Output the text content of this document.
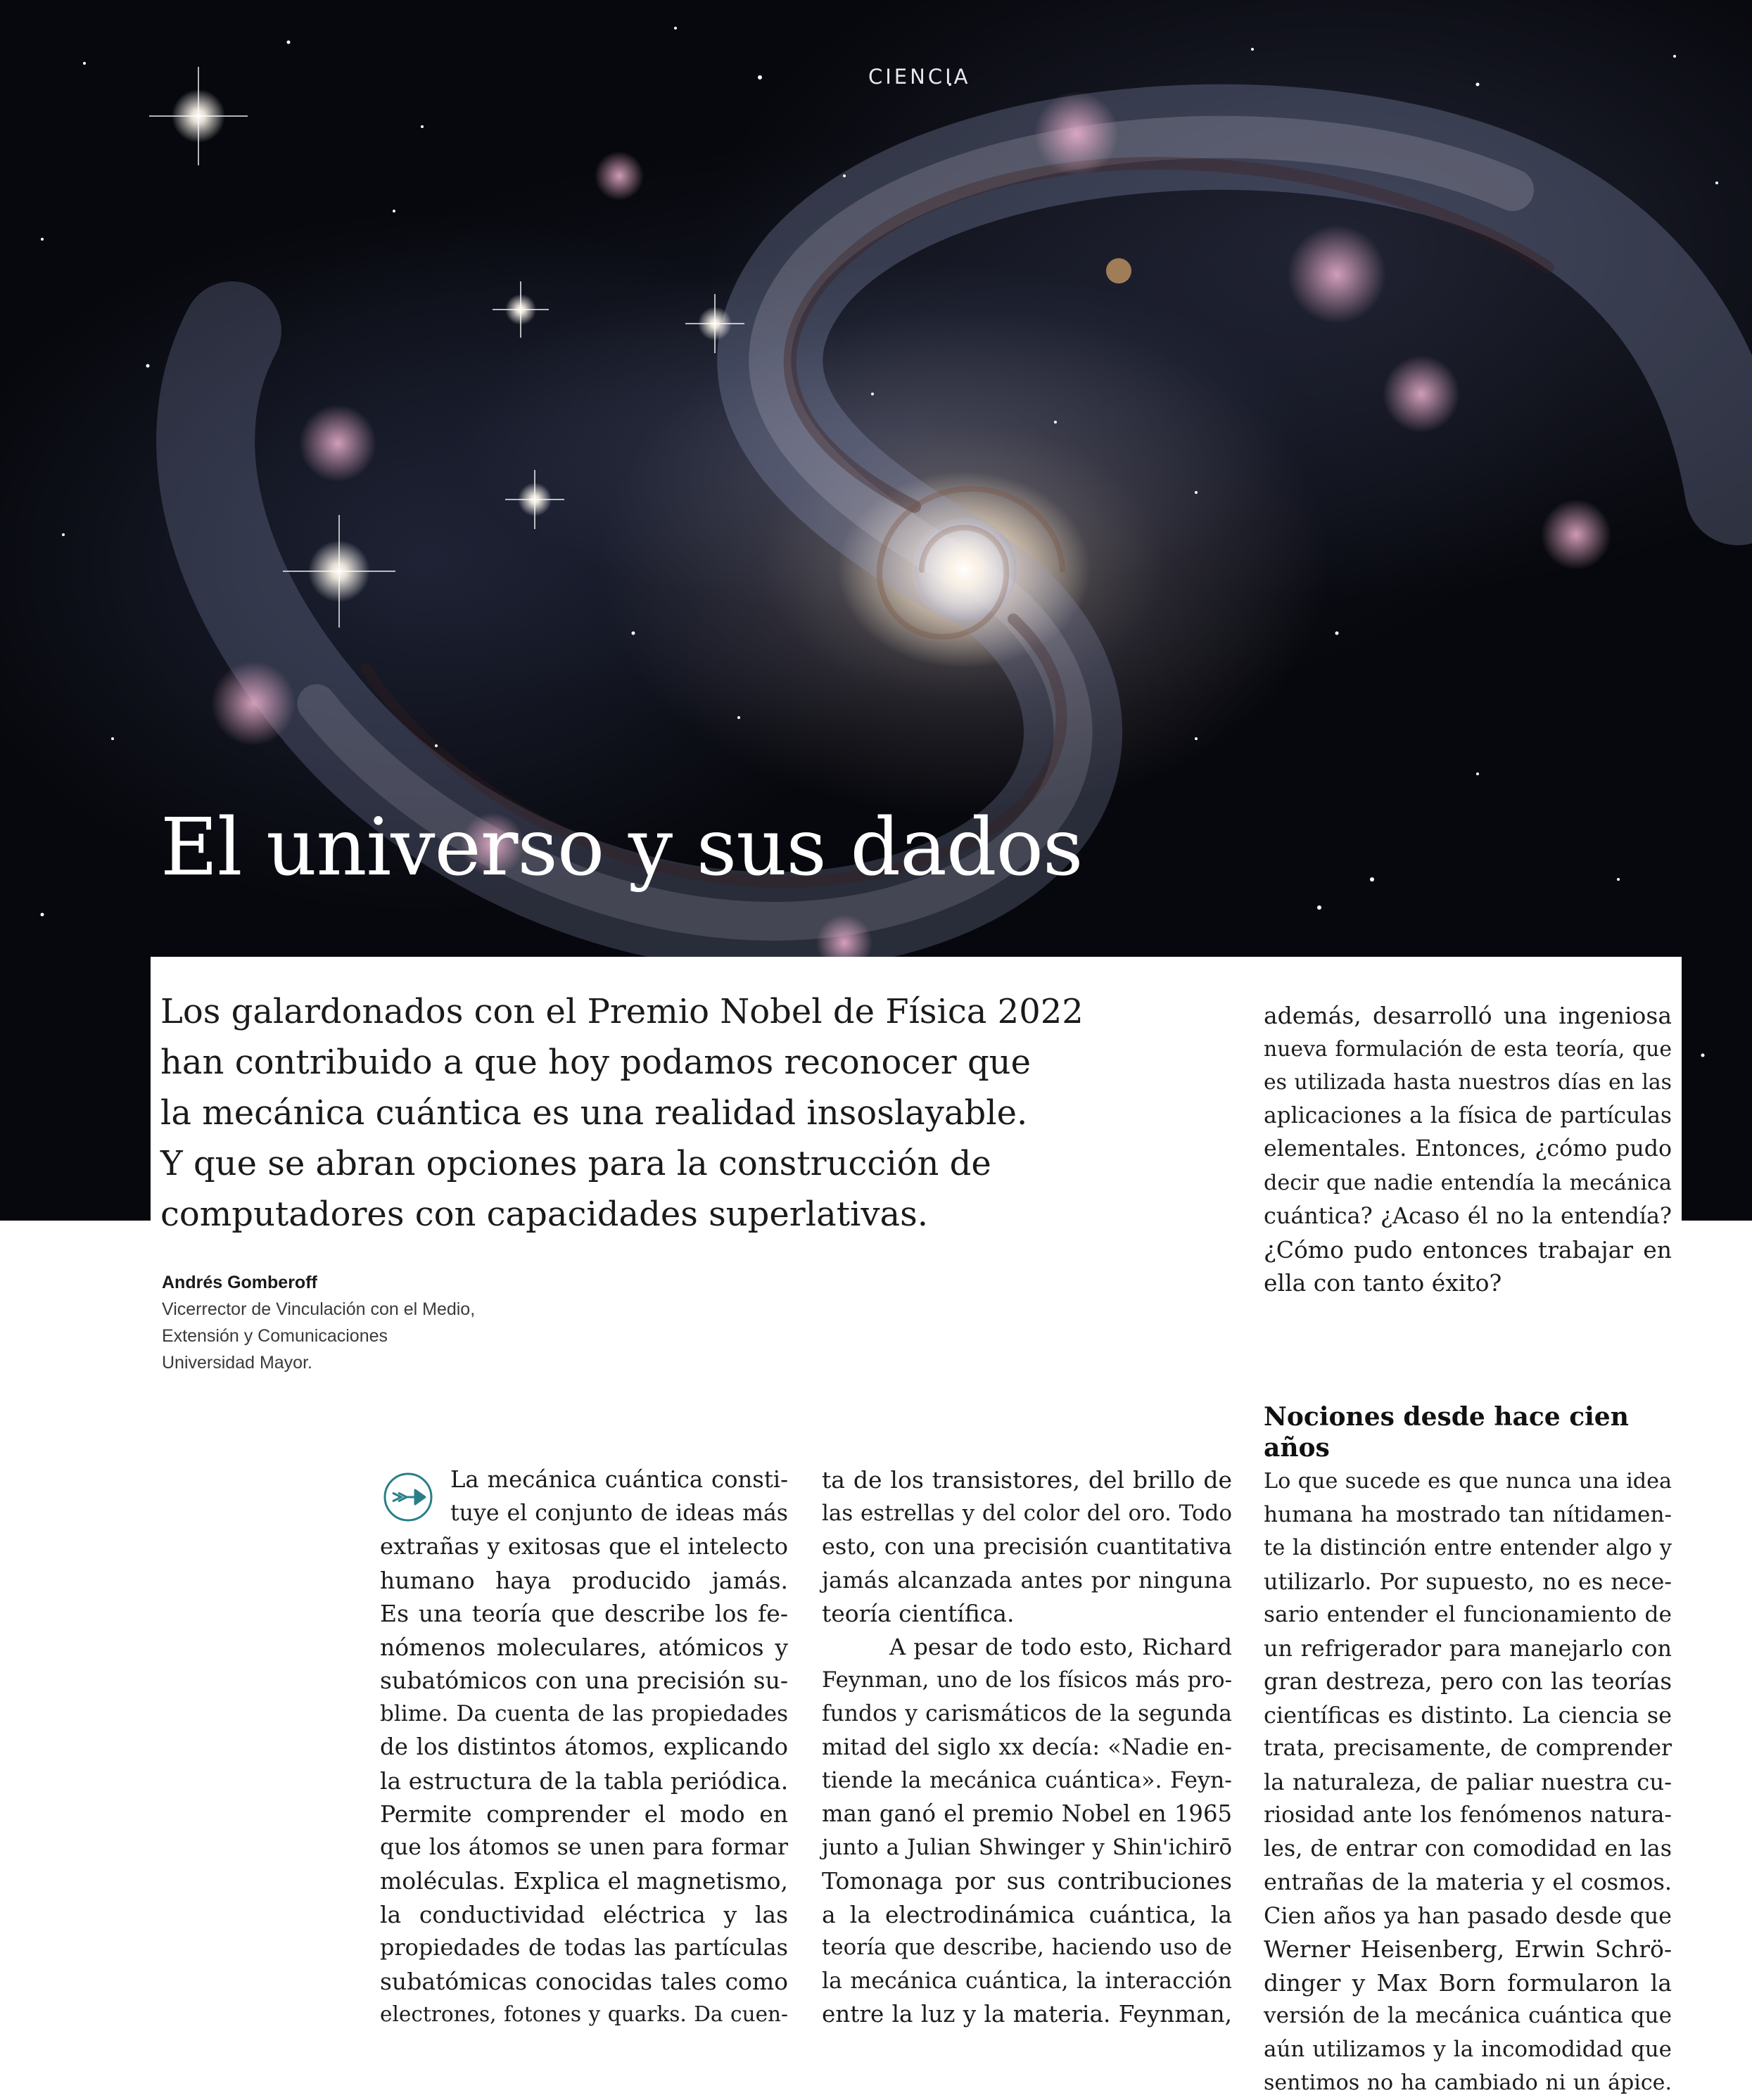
CIENCIA
El universo y sus dados
Los galardonados con el Premio Nobel de Física 2022
han contribuido a que hoy podamos reconocer que
la mecánica cuántica es una realidad insoslayable.
Y que se abran opciones para la construcción de
computadores con capacidades superlativas.
Andrés Gomberoff
Vicerrector de Vinculación con el Medio,
Extensión y Comunicaciones
Universidad Mayor.
La mecánica cuántica consti-
tuye el conjunto de ideas más
extrañas y exitosas que el intelecto
humano haya producido jamás.
Es una teoría que describe los fe-
nómenos moleculares, atómicos y
subatómicos con una precisión su-
blime. Da cuenta de las propiedades
de los distintos átomos, explicando
la estructura de la tabla periódica.
Permite comprender el modo en
que los átomos se unen para formar
moléculas. Explica el magnetismo,
la conductividad eléctrica y las
propiedades de todas las partículas
subatómicas conocidas tales como
electrones, fotones y quarks. Da cuen-
ta de los transistores, del brillo de
las estrellas y del color del oro. Todo
esto, con una precisión cuantitativa
jamás alcanzada antes por ninguna
teoría científica.
A pesar de todo esto, Richard
Feynman, uno de los físicos más pro-
fundos y carismáticos de la segunda
mitad del siglo xx decía: «Nadie en-
tiende la mecánica cuántica». Feyn-
man ganó el premio Nobel en 1965
junto a Julian Shwinger y Shin'ichirō
Tomonaga por sus contribuciones
a la electrodinámica cuántica, la
teoría que describe, haciendo uso de
la mecánica cuántica, la interacción
entre la luz y la materia. Feynman,
además, desarrolló una ingeniosa
nueva formulación de esta teoría, que
es utilizada hasta nuestros días en las
aplicaciones a la física de partículas
elementales. Entonces, ¿cómo pudo
decir que nadie entendía la mecánica
cuántica? ¿Acaso él no la entendía?
¿Cómo pudo entonces trabajar en
ella con tanto éxito?
Nociones desde hace cien años
Lo que sucede es que nunca una idea
humana ha mostrado tan nítidamen-
te la distinción entre entender algo y
utilizarlo. Por supuesto, no es nece-
sario entender el funcionamiento de
un refrigerador para manejarlo con
gran destreza, pero con las teorías
científicas es distinto. La ciencia se
trata, precisamente, de comprender
la naturaleza, de paliar nuestra cu-
riosidad ante los fenómenos natura-
les, de entrar con comodidad en las
entrañas de la materia y el cosmos.
Cien años ya han pasado desde que
Werner Heisenberg, Erwin Schrö-
dinger y Max Born formularon la
versión de la mecánica cuántica que
aún utilizamos y la incomodidad que
sentimos no ha cambiado ni un ápice.
